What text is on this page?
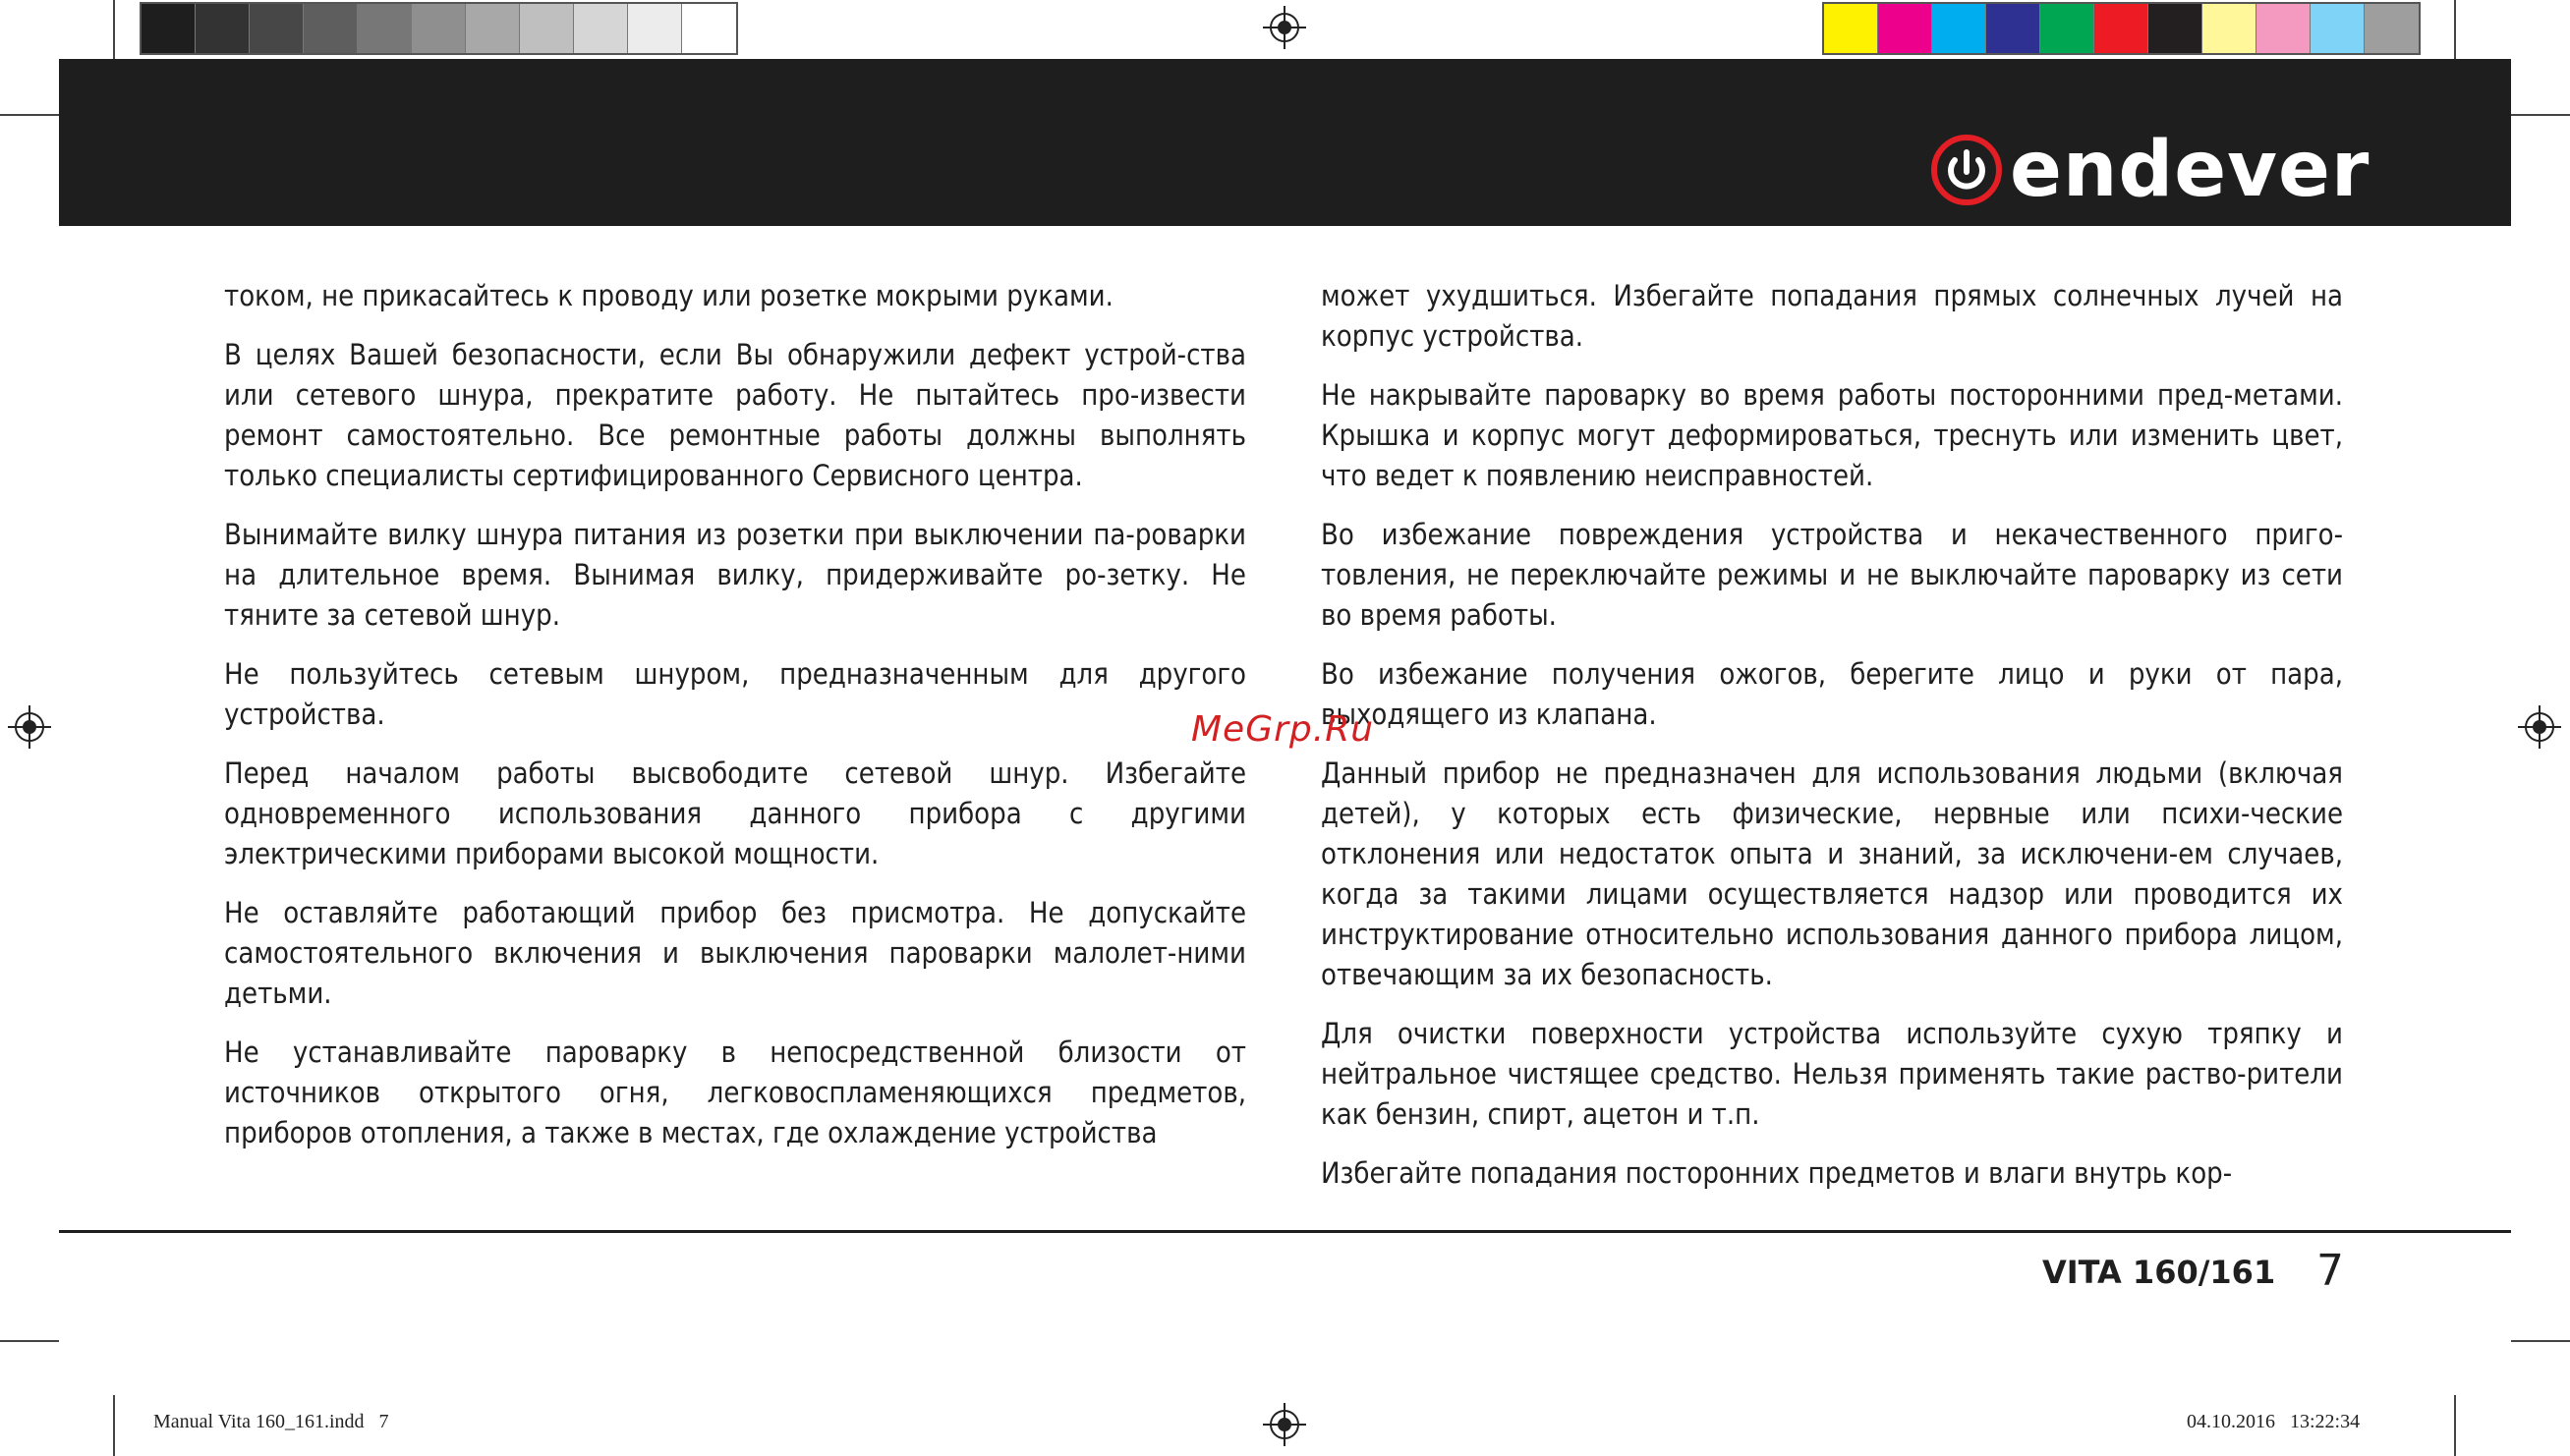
endever

током, не прикасайтесь к проводу или розетке мокрыми руками.

В целях Вашей безопасности, если Вы обнаружили дефект устрой-ства или сетевого шнура, прекратите работу. Не пытайтесь про-извести ремонт самостоятельно. Все ремонтные работы должны выполнять только специалисты сертифицированного Сервисного центра.

Вынимайте вилку шнура питания из розетки при выключении па-роварки на длительное время. Вынимая вилку, придерживайте ро-зетку. Не тяните за сетевой шнур.

Не пользуйтесь сетевым шнуром, предназначенным для другого устройства.

Перед началом работы высвободите сетевой шнур. Избегайте одновременного использования данного прибора с другими электрическими приборами высокой мощности.

Не оставляйте работающий прибор без присмотра. Не допускайте самостоятельного включения и выключения пароварки малолет-ними детьми.

Не устанавливайте пароварку в непосредственной близости от источников открытого огня, легковоспламеняющихся предметов, приборов отопления, а также в местах, где охлаждение устройства

может ухудшиться. Избегайте попадания прямых солнечных лучей на корпус устройства.

Не накрывайте пароварку во время работы посторонними пред-метами. Крышка и корпус могут деформироваться, треснуть или изменить цвет, что ведет к появлению неисправностей.

Во избежание повреждения устройства и некачественного приго-товления, не переключайте режимы и не выключайте пароварку из сети во время работы.

Во избежание получения ожогов, берегите лицо и руки от пара, выходящего из клапана.

Данный прибор не предназначен для использования людьми (включая детей), у которых есть физические, нервные или психи-ческие отклонения или недостаток опыта и знаний, за исключени-ем случаев, когда за такими лицами осуществляется надзор или проводится их инструктирование относительно использования данного прибора лицом, отвечающим за их безопасность.

Для очистки поверхности устройства используйте сухую тряпку и нейтральное чистящее средство. Нельзя применять такие раство-рители как бензин, спирт, ацетон и т.п.

Избегайте попадания посторонних предметов и влаги внутрь кор-

MeGrp.Ru
VITA 160/161 7
Manual Vita 160_161.indd   7	04.10.2016   13:22:34
